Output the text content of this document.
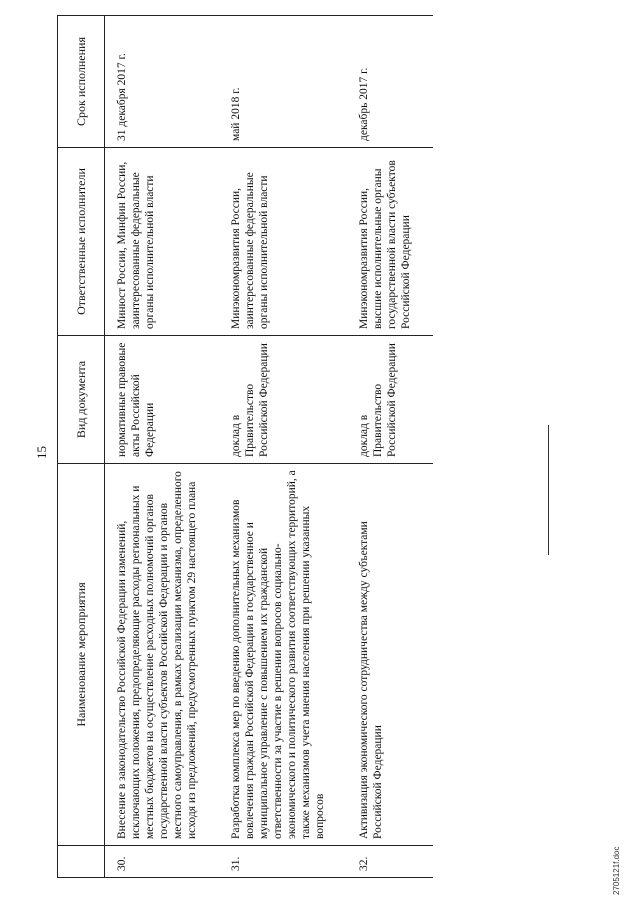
15
	Наименование мероприятия	Вид документа	Ответственные исполнители	Срок исполнения
30.	Внесение в законодательство Российской Федерации изменений, исключающих положения, предопределяющие расходы региональных и местных бюджетов на осуществление расходных полномочий органов государственной власти субъектов Российской Федерации и органов местного самоуправления, в рамках реализации механизма, определенного исходя из предложений, предусмотренных пунктом 29 настоящего плана	нормативные правовые акты Российской Федерации	Минюст России, Минфин России, заинтересованные федеральные органы исполнительной власти	31 декабря 2017 г.
31.	Разработка комплекса мер по введению дополнительных механизмов вовлечения граждан Российской Федерации в государственное и муниципальное управление с повышением их гражданской ответственности за участие в решении вопросов социально-экономического и политического развития соответствующих территорий, а также механизмов учета мнения населения при решении указанных вопросов	доклад в Правительство Российской Федерации	Минэкономразвития России, заинтересованные федеральные органы исполнительной власти	май 2018 г.
32.	Активизация экономического сотрудничества между субъектами Российской Федерации	доклад в Правительство Российской Федерации	Минэкономразвития России, высшие исполнительные органы государственной власти субъектов Российской Федерации	декабрь 2017 г.
2705121f.doc
